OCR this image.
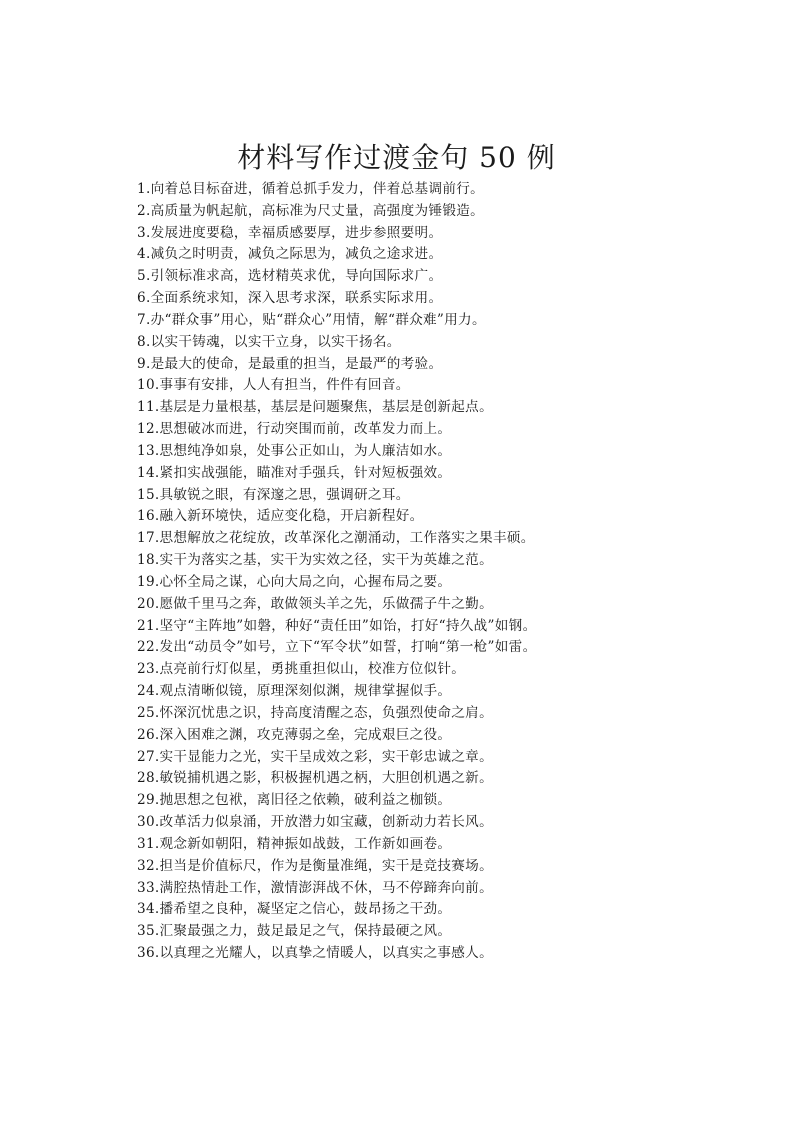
材料写作过渡金句 50 例
1.向着总目标奋进，循着总抓手发力，伴着总基调前行。
2.高质量为帆起航，高标准为尺丈量，高强度为锤锻造。
3.发展进度要稳，幸福质感要厚，进步参照要明。
4.减负之时明责，减负之际思为，减负之途求进。
5.引领标准求高，选材精英求优，导向国际求广。
6.全面系统求知，深入思考求深，联系实际求用。
7.办“群众事”用心，贴“群众心”用情，解“群众难”用力。
8.以实干铸魂，以实干立身，以实干扬名。
9.是最大的使命，是最重的担当，是最严的考验。
10.事事有安排，人人有担当，件件有回音。
11.基层是力量根基，基层是问题聚焦，基层是创新起点。
12.思想破冰而进，行动突围而前，改革发力而上。
13.思想纯净如泉，处事公正如山，为人廉洁如水。
14.紧扣实战强能，瞄准对手强兵，针对短板强效。
15.具敏锐之眼，有深邃之思，强调研之耳。
16.融入新环境快，适应变化稳，开启新程好。
17.思想解放之花绽放，改革深化之潮涌动，工作落实之果丰硕。
18.实干为落实之基，实干为实效之径，实干为英雄之范。
19.心怀全局之谋，心向大局之向，心握布局之要。
20.愿做千里马之奔，敢做领头羊之先，乐做孺子牛之勤。
21.坚守“主阵地”如磐，种好“责任田”如饴，打好“持久战”如钢。
22.发出“动员令”如号，立下“军令状”如誓，打响“第一枪”如雷。
23.点亮前行灯似星，勇挑重担似山，校准方位似针。
24.观点清晰似镜，原理深刻似渊，规律掌握似手。
25.怀深沉忧患之识，持高度清醒之态，负强烈使命之肩。
26.深入困难之渊，攻克薄弱之垒，完成艰巨之役。
27.实干显能力之光，实干呈成效之彩，实干彰忠诚之章。
28.敏锐捕机遇之影，积极握机遇之柄，大胆创机遇之新。
29.抛思想之包袱，离旧径之依赖，破利益之枷锁。
30.改革活力似泉涌，开放潜力如宝藏，创新动力若长风。
31.观念新如朝阳，精神振如战鼓，工作新如画卷。
32.担当是价值标尺，作为是衡量准绳，实干是竞技赛场。
33.满腔热情赴工作，激情澎湃战不休，马不停蹄奔向前。
34.播希望之良种，凝坚定之信心，鼓昂扬之干劲。
35.汇聚最强之力，鼓足最足之气，保持最硬之风。
36.以真理之光耀人，以真挚之情暖人，以真实之事感人。
